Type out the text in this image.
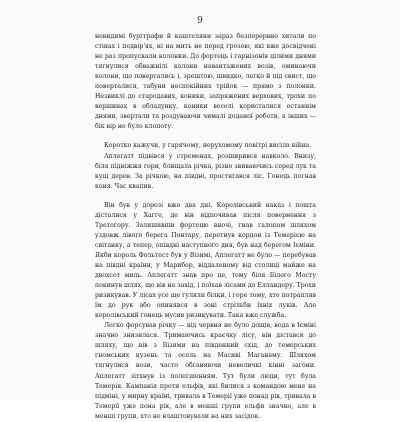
9

невидимі бургграфи й каштеляни зараз безперервно хитали по стінах і подвір'ях, ні на мить не перед грозою, які вже досвідчені не раз пропускали колонки. До фортець і гарнізонів цілими днями тягнулися обважнілі колони навантажених возів, оминаючи колони, що повертались і, зрештою, швидко, легко й під свист, що поверталися, табуни неспокійних трійок — прямо з полонки. Незвиклі до стародавих, коники, запряжених верхових, трохи по вершинах в обладунку, коники веселі користалися останнім днями, звертали та роздуваючи чималі доданої роботи, а інших — бік вір не було клопоту.

Коротко кажучи, у гарячому, нерухомому повітрі висіла війна.

Аплегатт підвівся у стременах, розширився навколо. Внизу, біля підніжжя гори, блищала річка, різно звиваючись серед лук та кущ дерев. За річкою, на півдні, простягався ліс. Гонець погнав коня. Час квапив.

Він був у дорозі вже два дні. Королівський наказ і пошта дісталися у Хагге, де він відпочивав після повернення з Третогору. Залишивши фортецю вночі, гнав галопом шляхом уздовж лівого берега Понтару, перетнув кордон із Темерією на світанку, а тепер, опівдні наступного дня, був над берегом Ієміни. Якби король Фольтест був у Візимі, Аплегатт не було — перебував на півдні країни, у Марибор, віддаленому від столиці майже на двохсот миль. Аплегатт знав про це, тому біля Білого Мосту покинув шлях, що вів на захід, і поїхав лісами до Елландеру. Трохи ризикував. У лісах усе ще гуляли білки, і горе тому, хто потрапляв їм до рук або опинявся в зоні стрільби їхніх луків. Але королівський гонець мусив ризикувати. Така вже служба.

Легко форсував річку — від червня не було дощів, вода в Ієміні значно знизилася. Тримаючись краєчку лісу, він дістався до шляху, що вів з Візими на південний схід, до темерських гномських кузень та осель на Масиві Маганаму. Шляхом тягнулися вози, часто обганяючи невеличкі кінні загони. Аплегатт зітхнув із полегшенням. Тут були люди, тут була Темерія. Кампанія проти ельфів, які билися з командою мене на підміні, у мирну країні, тривала в Темерії уже понад рік, тривала в Темерії уже пона рік, але в менші групи ельфи значно, але в менші групи, хто не влаштовували на них засідок.
